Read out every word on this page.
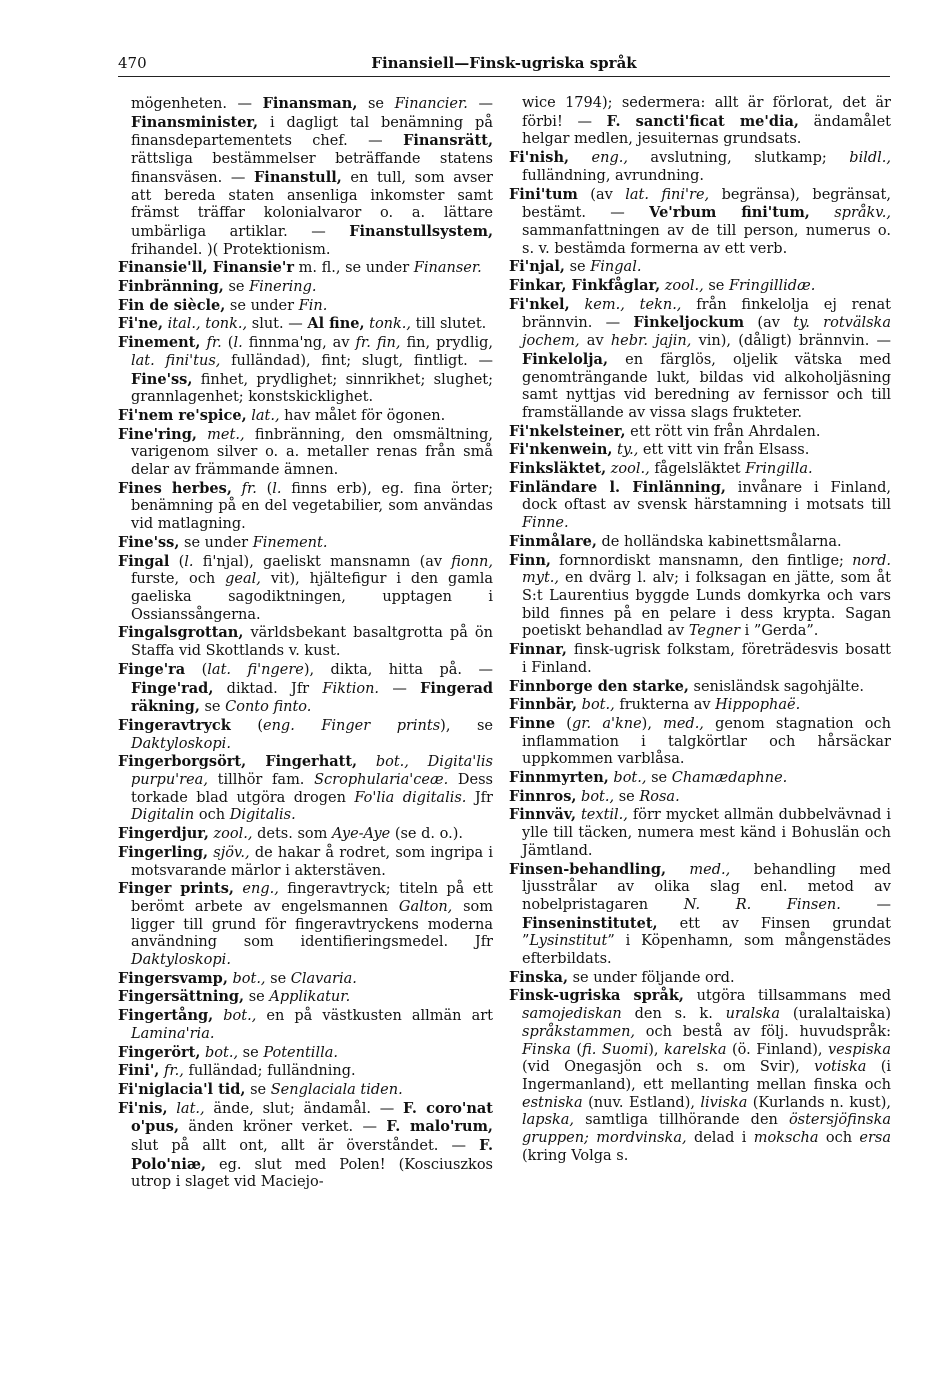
470	Finansiell—Finsk-ugriska språk

mögenheten. — Finansman, se Financier. — Finansminister, i dagligt tal benämning på finansdepartementets chef. — Finansrätt, rättsliga bestämmelser beträffande statens finansväsen. — Finanstull, en tull, som avser att bereda staten ansenliga inkomster samt främst träffar kolonialvaror o. a. lättare umbärliga artiklar. — Finanstullsystem, frihandel. )( Protektionism.

Finansie'll, Finansie'r m. fl., se under Finanser.

Finbränning, se Finering.

Fin de siècle, se under Fin.

Fi'ne, ital., tonk., slut. — Al fine, tonk., till slutet.

Finement, fr. (l. finnma'ng, av fr. fin, fin, prydlig, lat. fini'tus, fulländad), fint; slugt, fintligt. — Fine'ss, finhet, prydlighet; sinnrikhet; slughet; grannlagenhet; konstskicklighet.

Fi'nem re'spice, lat., hav målet för ögonen.

Fine'ring, met., finbränning, den omsmältning, varigenom silver o. a. metaller renas från små delar av främmande ämnen.

Fines herbes, fr. (l. finns erb), eg. fina örter; benämning på en del vegetabilier, som användas vid matlagning.

Fine'ss, se under Finement.

Fingal (l. fi'njal), gaeliskt mansnamn (av fionn, furste, och geal, vit), hjältefigur i den gamla gaeliska sagodiktningen, upptagen i Ossianssångerna.

Fingalsgrottan, världsbekant basaltgrotta på ön Staffa vid Skottlands v. kust.

Finge'ra (lat. fi'ngere), dikta, hitta på. — Finge'rad, diktad. Jfr Fiktion. — Fingerad räkning, se Conto finto.

Fingeravtryck (eng. Finger prints), se Daktyloskopi.

Fingerborgsört, Fingerhatt, bot., Digita'lis purpu'rea, tillhör fam. Scrophularia'ceæ. Dess torkade blad utgöra drogen Fo'lia digitalis. Jfr Digitalin och Digitalis.

Fingerdjur, zool., dets. som Aye-Aye (se d. o.).

Fingerling, sjöv., de hakar å rodret, som ingripa i motsvarande märlor i akterstäven.

Finger prints, eng., fingeravtryck; titeln på ett berömt arbete av engelsmannen Galton, som ligger till grund för fingeravtryckens moderna användning som identifieringsmedel. Jfr Daktyloskopi.

Fingersvamp, bot., se Clavaria.

Fingersättning, se Applikatur.

Fingertång, bot., en på västkusten allmän art Lamina'ria.

Fingerört, bot., se Potentilla.

Fini', fr., fulländad; fulländning.

Fi'niglacia'l tid, se Senglaciala tiden.

Fi'nis, lat., ände, slut; ändamål. — F. coro'nat o'pus, änden kröner verket. — F. malo'rum, slut på allt ont, allt är överståndet. — F. Polo'niæ, eg. slut med Polen! (Kosciuszkos utrop i slaget vid Maciejo-

wice 1794); sedermera: allt är förlorat, det är förbi! — F. sancti'ficat me'dia, ändamålet helgar medlen, jesuiternas grundsats.

Fi'nish, eng., avslutning, slutkamp; bildl., fulländning, avrundning.

Fini'tum (av lat. fini're, begränsa), begränsat, bestämt. — Ve'rbum fini'tum, språkv., sammanfattningen av de till person, numerus o. s. v. bestämda formerna av ett verb.

Fi'njal, se Fingal.

Finkar, Finkfåglar, zool., se Fringillidæ.

Fi'nkel, kem., tekn., från finkelolja ej renat brännvin. — Finkeljockum (av ty. rotvälska jochem, av hebr. jajin, vin), (dåligt) brännvin. — Finkelolja, en färglös, oljelik vätska med genomträngande lukt, bildas vid alkoholjäsning samt nyttjas vid beredning av fernissor och till framställande av vissa slags frukteter.

Fi'nkelsteiner, ett rött vin från Ahrdalen.

Fi'nkenwein, ty., ett vitt vin från Elsass.

Finksläktet, zool., fågelsläktet Fringilla.

Finländare l. Finlänning, invånare i Finland, dock oftast av svensk härstamning i motsats till Finne.

Finmålare, de holländska kabinettsmålarna.

Finn, fornnordiskt mansnamn, den fintlige; nord. myt., en dvärg l. alv; i folksagan en jätte, som åt S:t Laurentius byggde Lunds domkyrka och vars bild finnes på en pelare i dess krypta. Sagan poetiskt behandlad av Tegner i ”Gerda”.

Finnar, finsk-ugrisk folkstam, företrädesvis bosatt i Finland.

Finnborge den starke, senisländsk sagohjälte.

Finnbär, bot., frukterna av Hippophaë.

Finne (gr. a'kne), med., genom stagnation och inflammation i talgkörtlar och hårsäckar uppkommen varblåsa.

Finnmyrten, bot., se Chamædaphne.

Finnros, bot., se Rosa.

Finnväv, textil., förr mycket allmän dubbelvävnad i ylle till täcken, numera mest känd i Bohuslän och Jämtland.

Finsen-behandling, med., behandling med ljusstrålar av olika slag enl. metod av nobelpristagaren N. R. Finsen. — Finseninstitutet, ett av Finsen grundat ”Lysinstitut” i Köpenhamn, som mångenstädes efterbildats.

Finska, se under följande ord.

Finsk-ugriska språk, utgöra tillsammans med samojediskan den s. k. uralska (uralaltaiska) språkstammen, och bestå av följ. huvudspråk: Finska (fi. Suomi), karelska (ö. Finland), vespiska (vid Onegasjön och s. om Svir), votiska (i Ingermanland), ett mellanting mellan finska och estniska (nuv. Estland), liviska (Kurlands n. kust), lapska, samtliga tillhörande den östersjöfinska gruppen; mordvinska, delad i mokscha och ersa (kring Volga s.
